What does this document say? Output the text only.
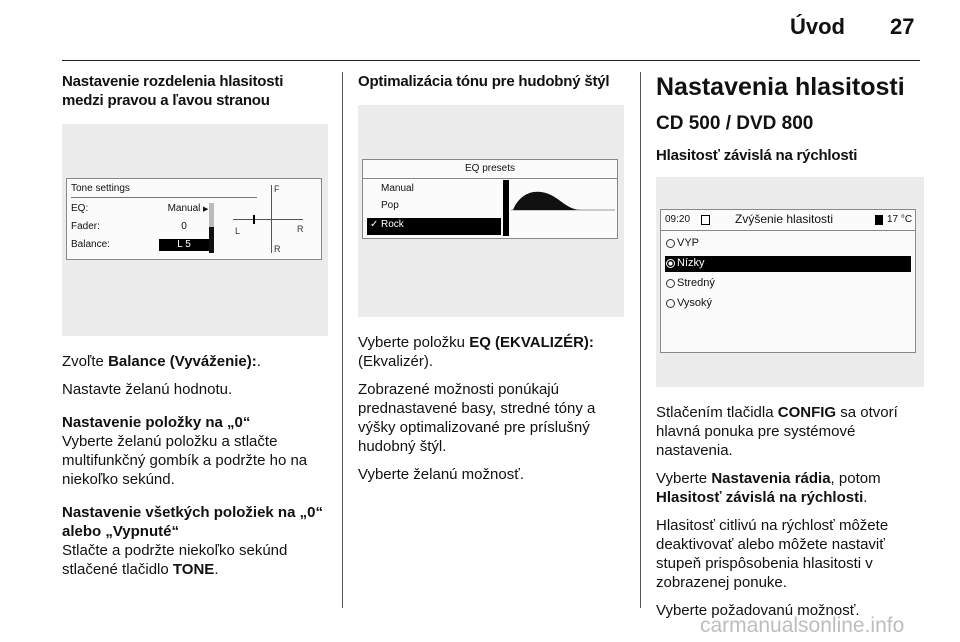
Úvod 27

Nastavenie rozdelenia hlasitosti medzi pravou a ľavou stranou

Tone settings
EQ:	Manual ▶
Fader:	0
Balance:	L 5
F
R
L	R

Zvoľte Balance (Vyváženie):.

Nastavte želanú hodnotu.

Nastavenie položky na „0“
Vyberte želanú položku a stlačte multifunkčný gombík a podržte ho na niekoľko sekúnd.

Nastavenie všetkých položiek na „0“ alebo „Vypnuté“
Stlačte a podržte niekoľko sekúnd stlačené tlačidlo TONE.

Optimalizácia tónu pre hudobný štýl

EQ presets
Manual
Pop
✓ Rock

Vyberte položku EQ (EKVALIZÉR): (Ekvalizér).

Zobrazené možnosti ponúkajú prednastavené basy, stredné tóny a výšky optimalizované pre príslušný hudobný štýl.

Vyberte želanú možnosť.

Nastavenia hlasitosti
CD 500 / DVD 800

Hlasitosť závislá na rýchlosti

09:20	Zvýšenie hlasitosti	17 °C
VYP
Nízky
Stredný
Vysoký

Stlačením tlačidla CONFIG sa otvorí hlavná ponuka pre systémové nastavenia.

Vyberte Nastavenia rádia, potom Hlasitosť závislá na rýchlosti.

Hlasitosť citlivú na rýchlosť môžete deaktivovať alebo môžete nastaviť stupeň prispôsobenia hlasitosti v zobrazenej ponuke.

Vyberte požadovanú možnosť.

carmanualsonline.info
